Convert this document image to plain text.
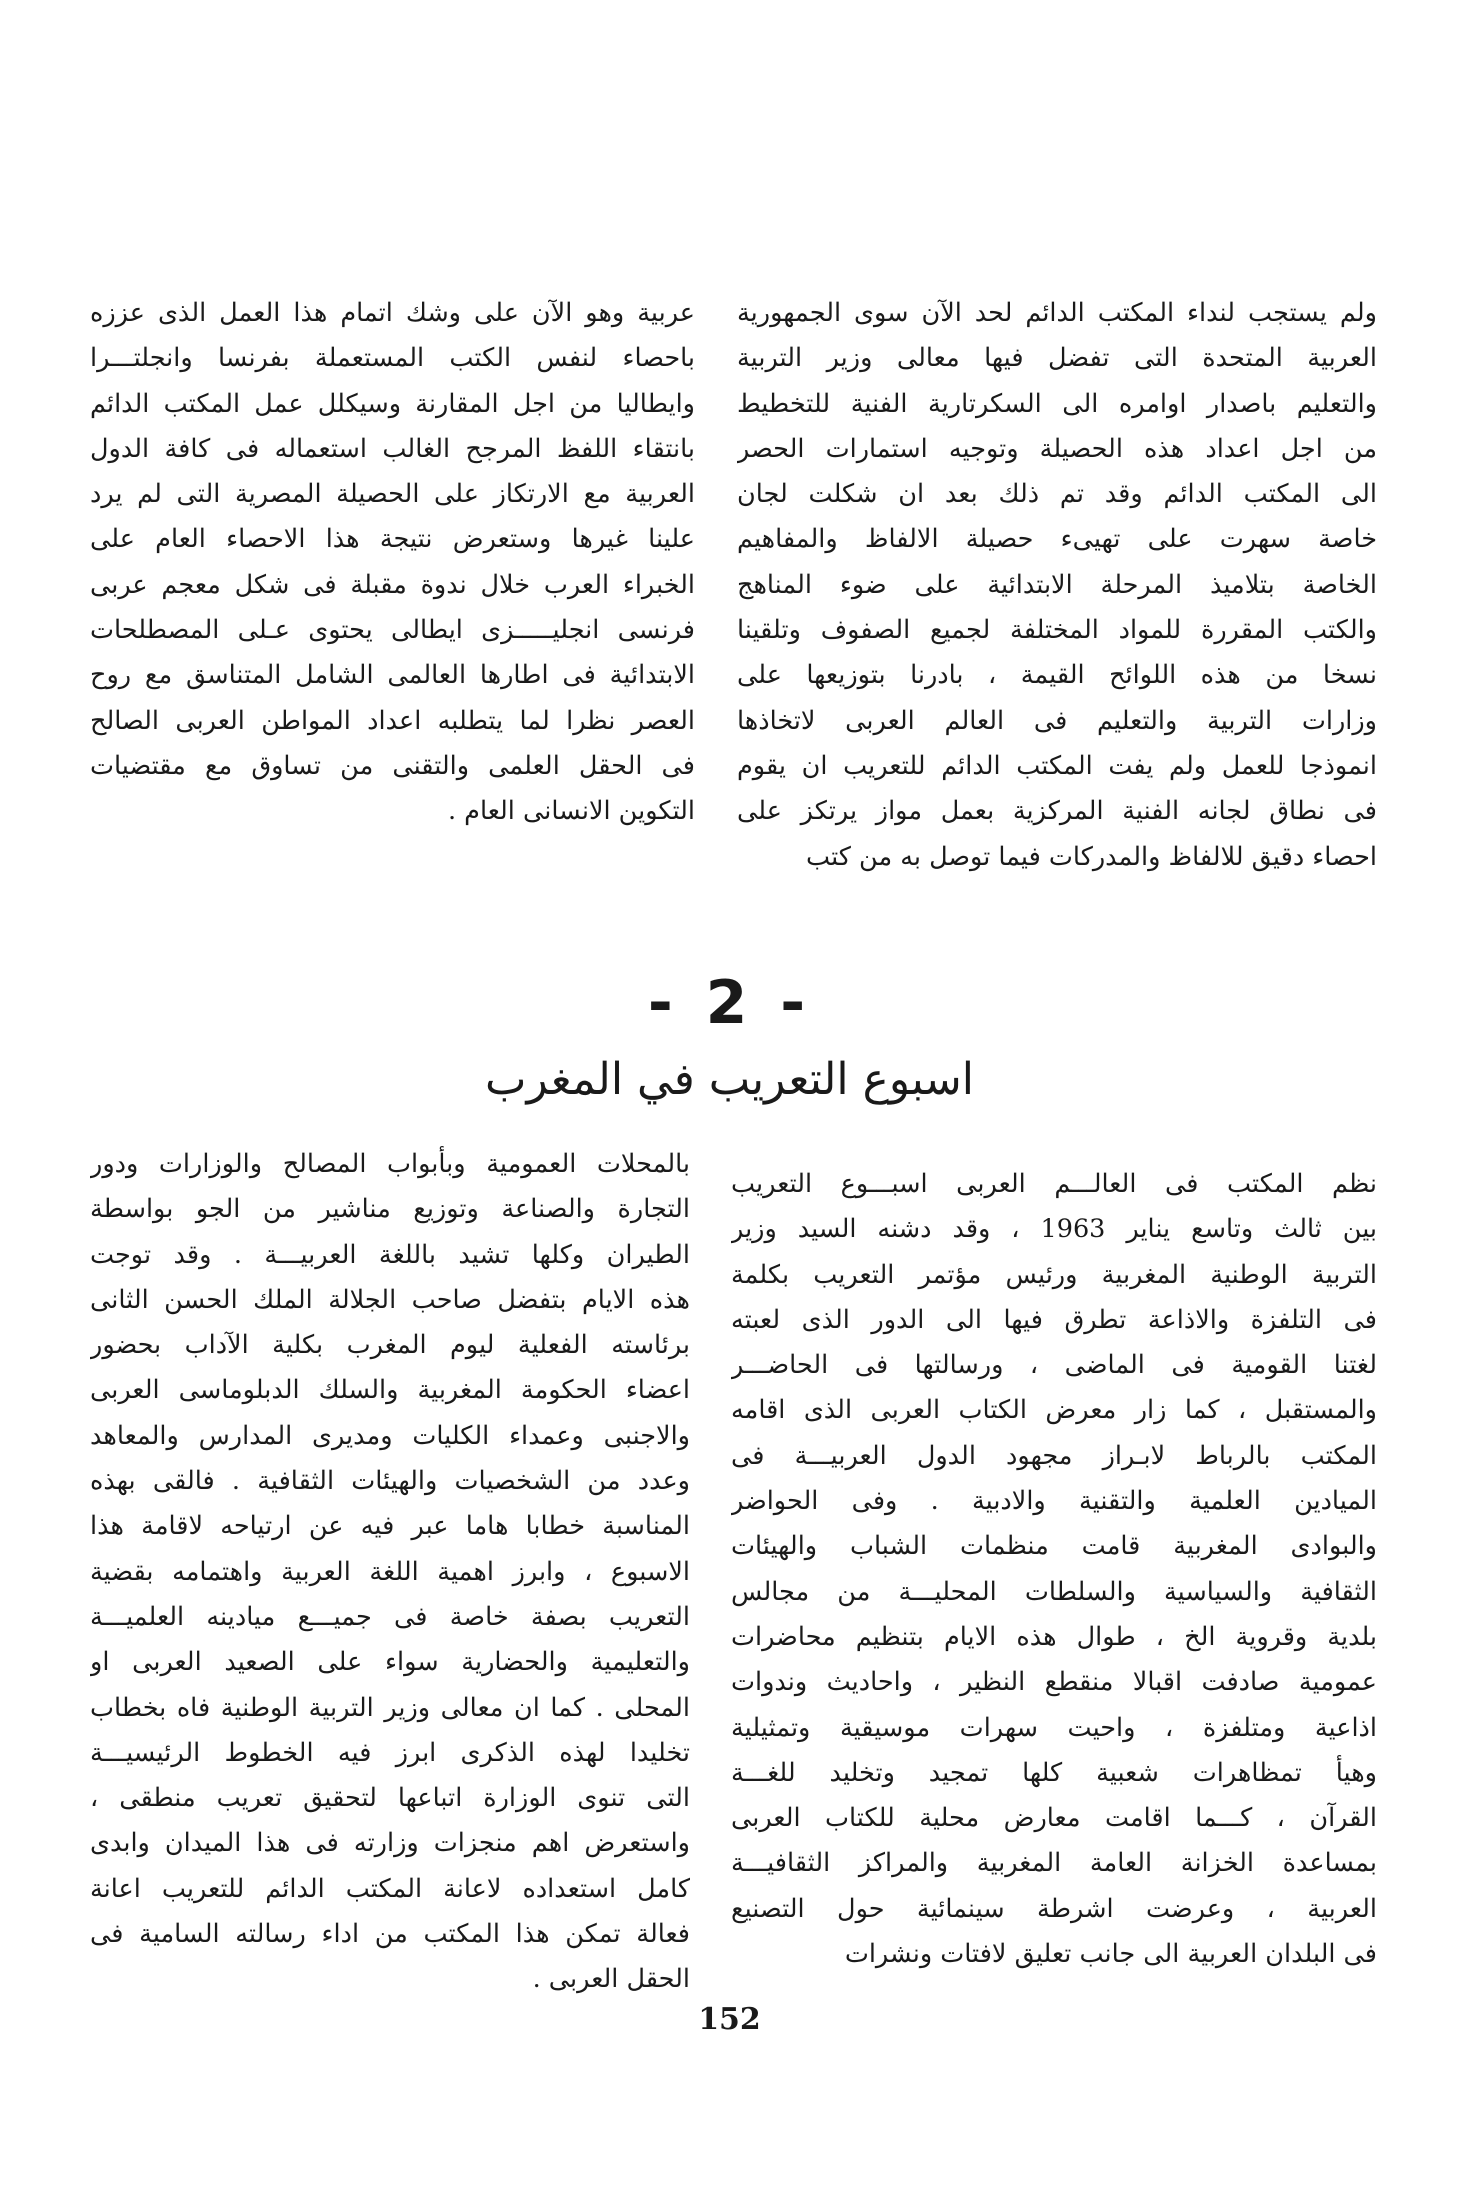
ولم يستجب لنداء المكتب الدائم لحد الآن سوى الجمهورية
العربية المتحدة التى تفضل فيها معالى وزير التربية
والتعليم باصدار اوامره الى السكرتارية الفنية للتخطيط
من اجل اعداد هذه الحصيلة وتوجيه استمارات الحصر
الى المكتب الدائم وقد تم ذلك بعد ان شكلت لجان
خاصة سهرت على تهيىء حصيلة الالفاظ والمفاهيم
الخاصة بتلاميذ المرحلة الابتدائية على ضوء المناهج
والكتب المقررة للمواد المختلفة لجميع الصفوف وتلقينا
نسخا من هذه اللوائح القيمة ، بادرنا بتوزيعها على
وزارات التربية والتعليم فى العالم العربى لاتخاذها
انموذجا للعمل ولم يفت المكتب الدائم للتعريب ان يقوم
فى نطاق لجانه الفنية المركزية بعمل مواز يرتكز على
احصاء دقيق للالفاظ والمدركات فيما توصل به من كتب
عربية وهو الآن على وشك اتمام هذا العمل الذى عززه
باحصاء لنفس الكتب المستعملة بفرنسا وانجلتـــرا
وايطاليا من اجل المقارنة وسيكلل عمل المكتب الدائم
بانتقاء اللفظ المرجح الغالب استعماله فى كافة الدول
العربية مع الارتكاز على الحصيلة المصرية التى لم يرد
علينا غيرها وستعرض نتيجة هذا الاحصاء العام على
الخبراء العرب خلال ندوة مقبلة فى شكل معجم عربى
فرنسى انجليـــــزى ايطالى يحتوى عـلى المصطلحات
الابتدائية فى اطارها العالمى الشامل المتناسق مع روح
العصر نظرا لما يتطلبه اعداد المواطن العربى الصالح
فى الحقل العلمى والتقنى من تساوق مع مقتضيات
التكوين الانسانى العام .
- 2 -
اسبوع التعريب في المغرب
نظم المكتب فى العالـــم العربى اسبـــوع التعريب
بين ثالث وتاسع يناير 1963 ، وقد دشنه السيد وزير
التربية الوطنية المغربية ورئيس مؤتمر التعريب بكلمة
فى التلفزة والاذاعة تطرق فيها الى الدور الذى لعبته
لغتنا القومية فى الماضى ، ورسالتها فى الحاضـــر
والمستقبل ، كما زار معرض الكتاب العربى الذى اقامه
المكتب بالرباط لابـراز مجهود الدول العربيـــة فى
الميادين العلمية والتقنية والادبية . وفى الحواضر
والبوادى المغربية قامت منظمات الشباب والهيئات
الثقافية والسياسية والسلطات المحليـــة من مجالس
بلدية وقروية الخ ، طوال هذه الايام بتنظيم محاضرات
عمومية صادفت اقبالا منقطع النظير ، واحاديث وندوات
اذاعية ومتلفزة ، واحيت سهرات موسيقية وتمثيلية
وهيأ تمظاهرات شعبية كلها تمجيد وتخليد للغـــة
القرآن ، كـــما اقامت معارض محلية للكتاب العربى
بمساعدة الخزانة العامة المغربية والمراكز الثقافيـــة
العربية ، وعرضت اشرطة سينمائية حول التصنيع
فى البلدان العربية الى جانب تعليق لافتات ونشرات
بالمحلات العمومية وبأبواب المصالح والوزارات ودور
التجارة والصناعة وتوزيع مناشير من الجو بواسطة
الطيران وكلها تشيد باللغة العربيـــة . وقد توجت
هذه الايام بتفضل صاحب الجلالة الملك الحسن الثانى
برئاسته الفعلية ليوم المغرب بكلية الآداب بحضور
اعضاء الحكومة المغربية والسلك الدبلوماسى العربى
والاجنبى وعمداء الكليات ومديرى المدارس والمعاهد
وعدد من الشخصيات والهيئات الثقافية . فالقى بهذه
المناسبة خطابا هاما عبر فيه عن ارتياحه لاقامة هذا
الاسبوع ، وابرز اهمية اللغة العربية واهتمامه بقضية
التعريب بصفة خاصة فى جميـــع ميادينه العلميـــة
والتعليمية والحضارية سواء على الصعيد العربى او
المحلى . كما ان معالى وزير التربية الوطنية فاه بخطاب
تخليدا لهذه الذكرى ابرز فيه الخطوط الرئيسيـــة
التى تنوى الوزارة اتباعها لتحقيق تعريب منطقى ،
واستعرض اهم منجزات وزارته فى هذا الميدان وابدى
كامل استعداده لاعانة المكتب الدائم للتعريب اعانة
فعالة تمكن هذا المكتب من اداء رسالته السامية فى
الحقل العربى .
152
